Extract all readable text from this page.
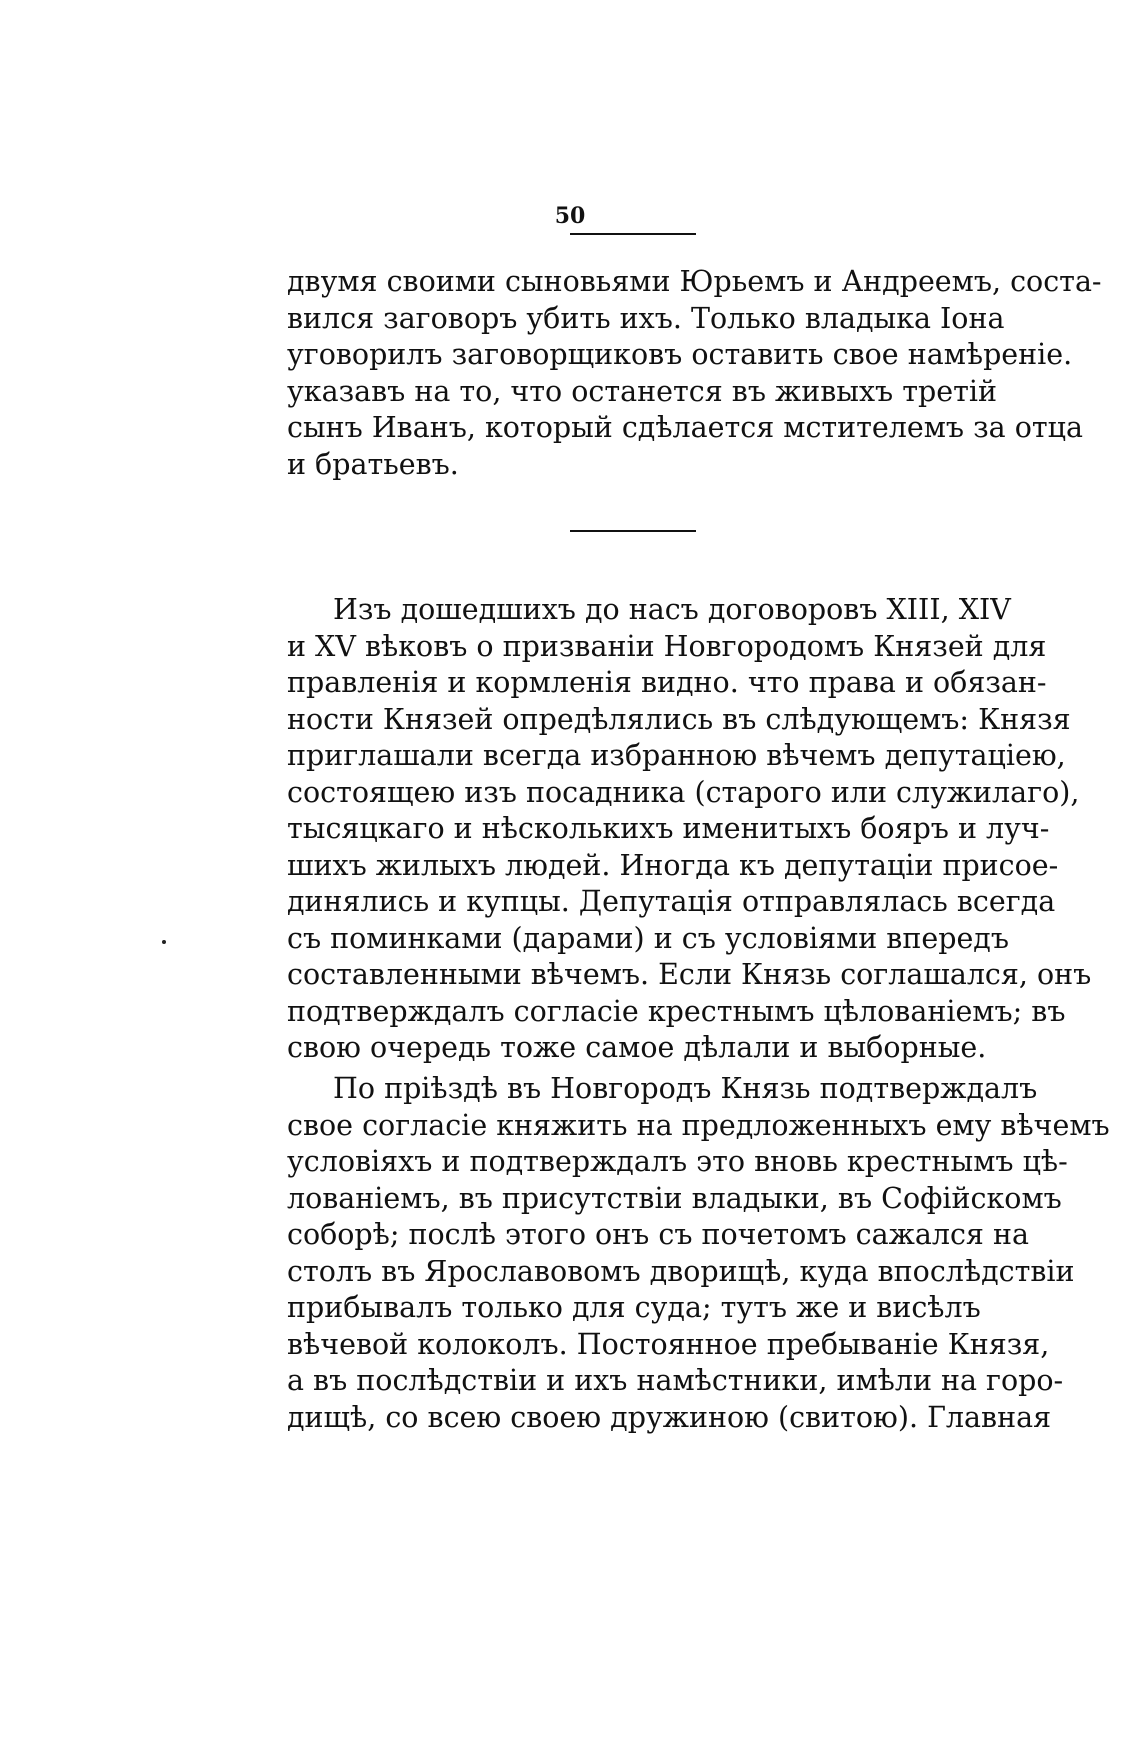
50

двумя своими сыновьями Юрьемъ и Андреемъ, соста-
вился заговоръ убить ихъ. Только владыка Іона
уговорилъ заговорщиковъ оставить свое намѣреніе.
указавъ на то, что останется въ живыхъ третій
сынъ Иванъ, который сдѣлается мстителемъ за отца
и братьевъ.

Изъ дошедшихъ до насъ договоровъ XIII, XIV
и XV вѣковъ о призваніи Новгородомъ Князей для
правленія и кормленія видно. что права и обязан-
ности Князей опредѣлялись въ слѣдующемъ: Князя
приглашали всегда избранною вѣчемъ депутаціею,
состоящею изъ посадника (старого или служилаго),
тысяцкаго и нѣсколькихъ именитыхъ бояръ и луч-
шихъ жилыхъ людей. Иногда къ депутаціи присое-
динялись и купцы. Депутація отправлялась всегда
съ поминками (дарами) и съ условіями впередъ
составленными вѣчемъ. Если Князь соглашался, онъ
подтверждалъ согласіе крестнымъ цѣлованіемъ; въ
свою очередь тоже самое дѣлали и выборные.

По пріѣздѣ въ Новгородъ Князь подтверждалъ
свое согласіе княжить на предложенныхъ ему вѣчемъ
условіяхъ и подтверждалъ это вновь крестнымъ цѣ-
лованіемъ, въ присутствіи владыки, въ Софійскомъ
соборѣ; послѣ этого онъ съ почетомъ сажался на
столъ въ Ярославовомъ дворищѣ, куда впослѣдствіи
прибывалъ только для суда; тутъ же и висѣлъ
вѣчевой колоколъ. Постоянное пребываніе Князя,
а въ послѣдствіи и ихъ намѣстники, имѣли на горо-
дищѣ, со всею своею дружиною (свитою). Главная
